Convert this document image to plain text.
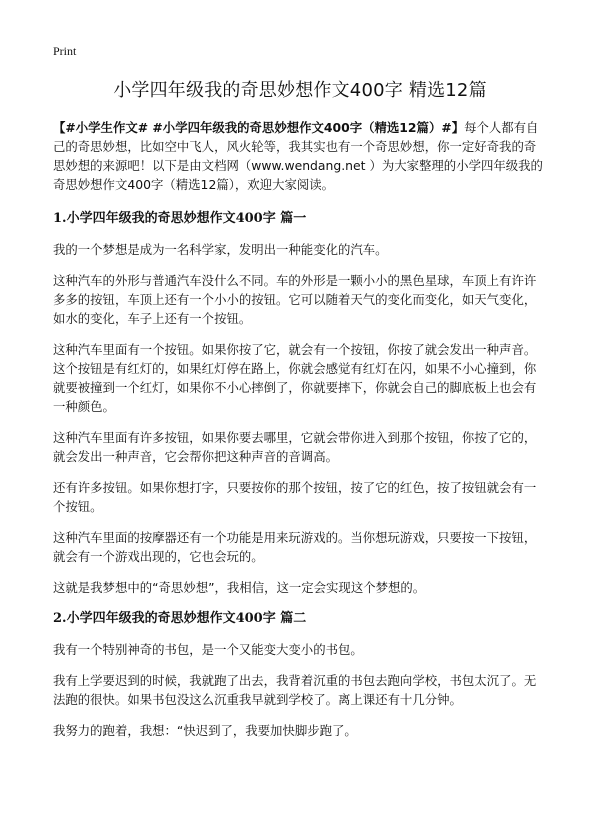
Print
小学四年级我的奇思妙想作文400字 精选12篇

【#小学生作文# #小学四年级我的奇思妙想作文400字（精选12篇）#】每个人都有自己的奇思妙想，比如空中飞人，风火轮等，我其实也有一个奇思妙想，你一定好奇我的奇思妙想的来源吧！以下是由文档网（www.wendang.net ）为大家整理的小学四年级我的奇思妙想作文400字（精选12篇），欢迎大家阅读。

1.小学四年级我的奇思妙想作文400字 篇一

我的一个梦想是成为一名科学家，发明出一种能变化的汽车。

这种汽车的外形与普通汽车没什么不同。车的外形是一颗小小的黑色星球，车顶上有许许多多的按钮，车顶上还有一个小小的按钮。它可以随着天气的变化而变化，如天气变化，如水的变化，车子上还有一个按钮。

这种汽车里面有一个按钮。如果你按了它，就会有一个按钮，你按了就会发出一种声音。这个按钮是有红灯的，如果红灯停在路上，你就会感觉有红灯在闪，如果不小心撞到，你就要被撞到一个红灯，如果你不小心摔倒了，你就要摔下，你就会自己的脚底板上也会有一种颜色。

这种汽车里面有许多按钮，如果你要去哪里，它就会带你进入到那个按钮，你按了它的，就会发出一种声音，它会帮你把这种声音的音调高。

还有许多按钮。如果你想打字，只要按你的那个按钮，按了它的红色，按了按钮就会有一个按钮。

这种汽车里面的按摩器还有一个功能是用来玩游戏的。当你想玩游戏，只要按一下按钮，就会有一个游戏出现的，它也会玩的。

这就是我梦想中的“奇思妙想”，我相信，这一定会实现这个梦想的。

2.小学四年级我的奇思妙想作文400字 篇二

我有一个特别神奇的书包，是一个又能变大变小的书包。

我有上学要迟到的时候，我就跑了出去，我背着沉重的书包去跑向学校，书包太沉了。无法跑的很快。如果书包没这么沉重我早就到学校了。离上课还有十几分钟。

我努力的跑着，我想：“快迟到了，我要加快脚步跑了。
